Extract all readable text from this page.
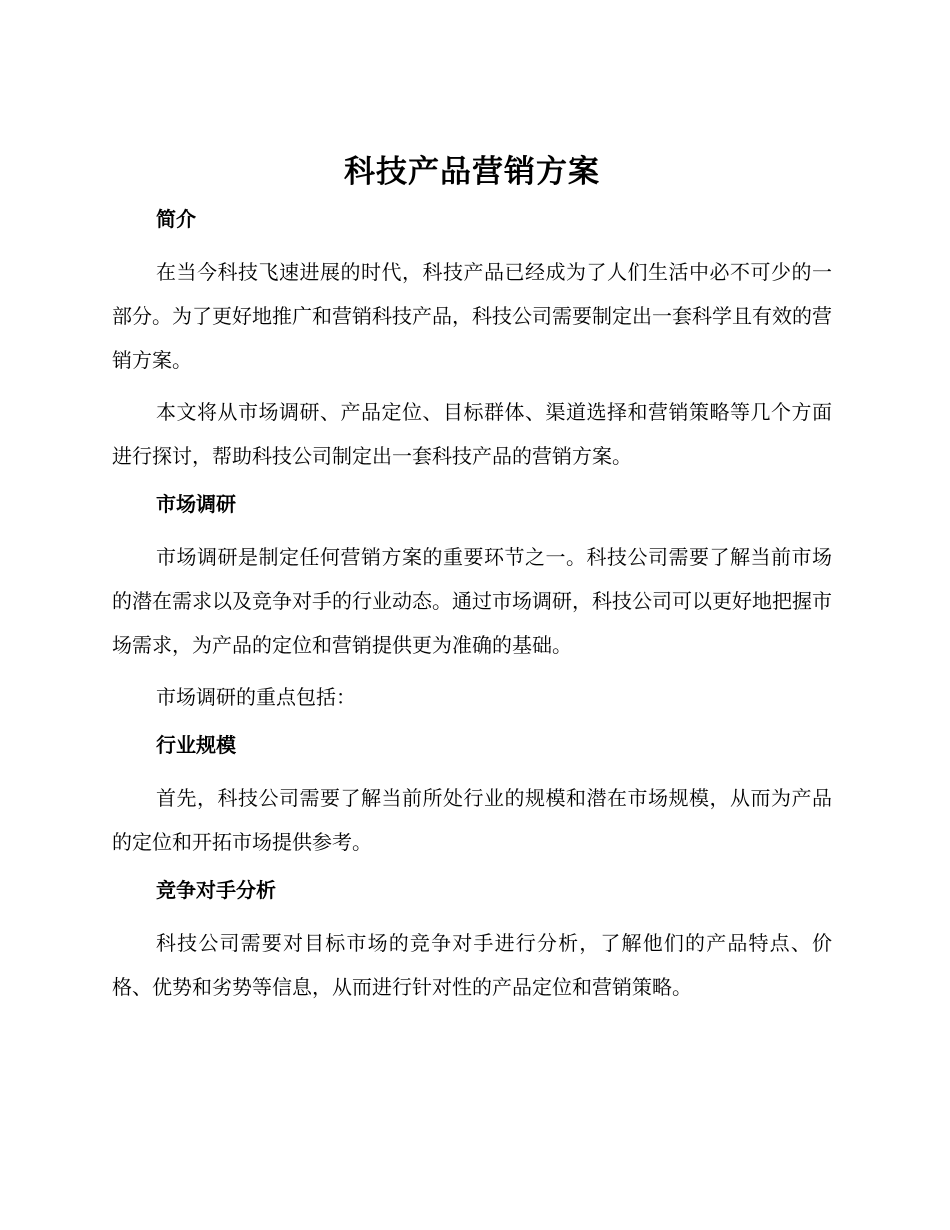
科技产品营销方案
简介

在当今科技飞速进展的时代，科技产品已经成为了人们生活中必不可少的一部分。为了更好地推广和营销科技产品，科技公司需要制定出一套科学且有效的营销方案。

本文将从市场调研、产品定位、目标群体、渠道选择和营销策略等几个方面进行探讨，帮助科技公司制定出一套科技产品的营销方案。

市场调研

市场调研是制定任何营销方案的重要环节之一。科技公司需要了解当前市场的潜在需求以及竞争对手的行业动态。通过市场调研，科技公司可以更好地把握市场需求，为产品的定位和营销提供更为准确的基础。

市场调研的重点包括：

行业规模

首先，科技公司需要了解当前所处行业的规模和潜在市场规模，从而为产品的定位和开拓市场提供参考。

竞争对手分析

科技公司需要对目标市场的竞争对手进行分析，了解他们的产品特点、价格、优势和劣势等信息，从而进行针对性的产品定位和营销策略。
